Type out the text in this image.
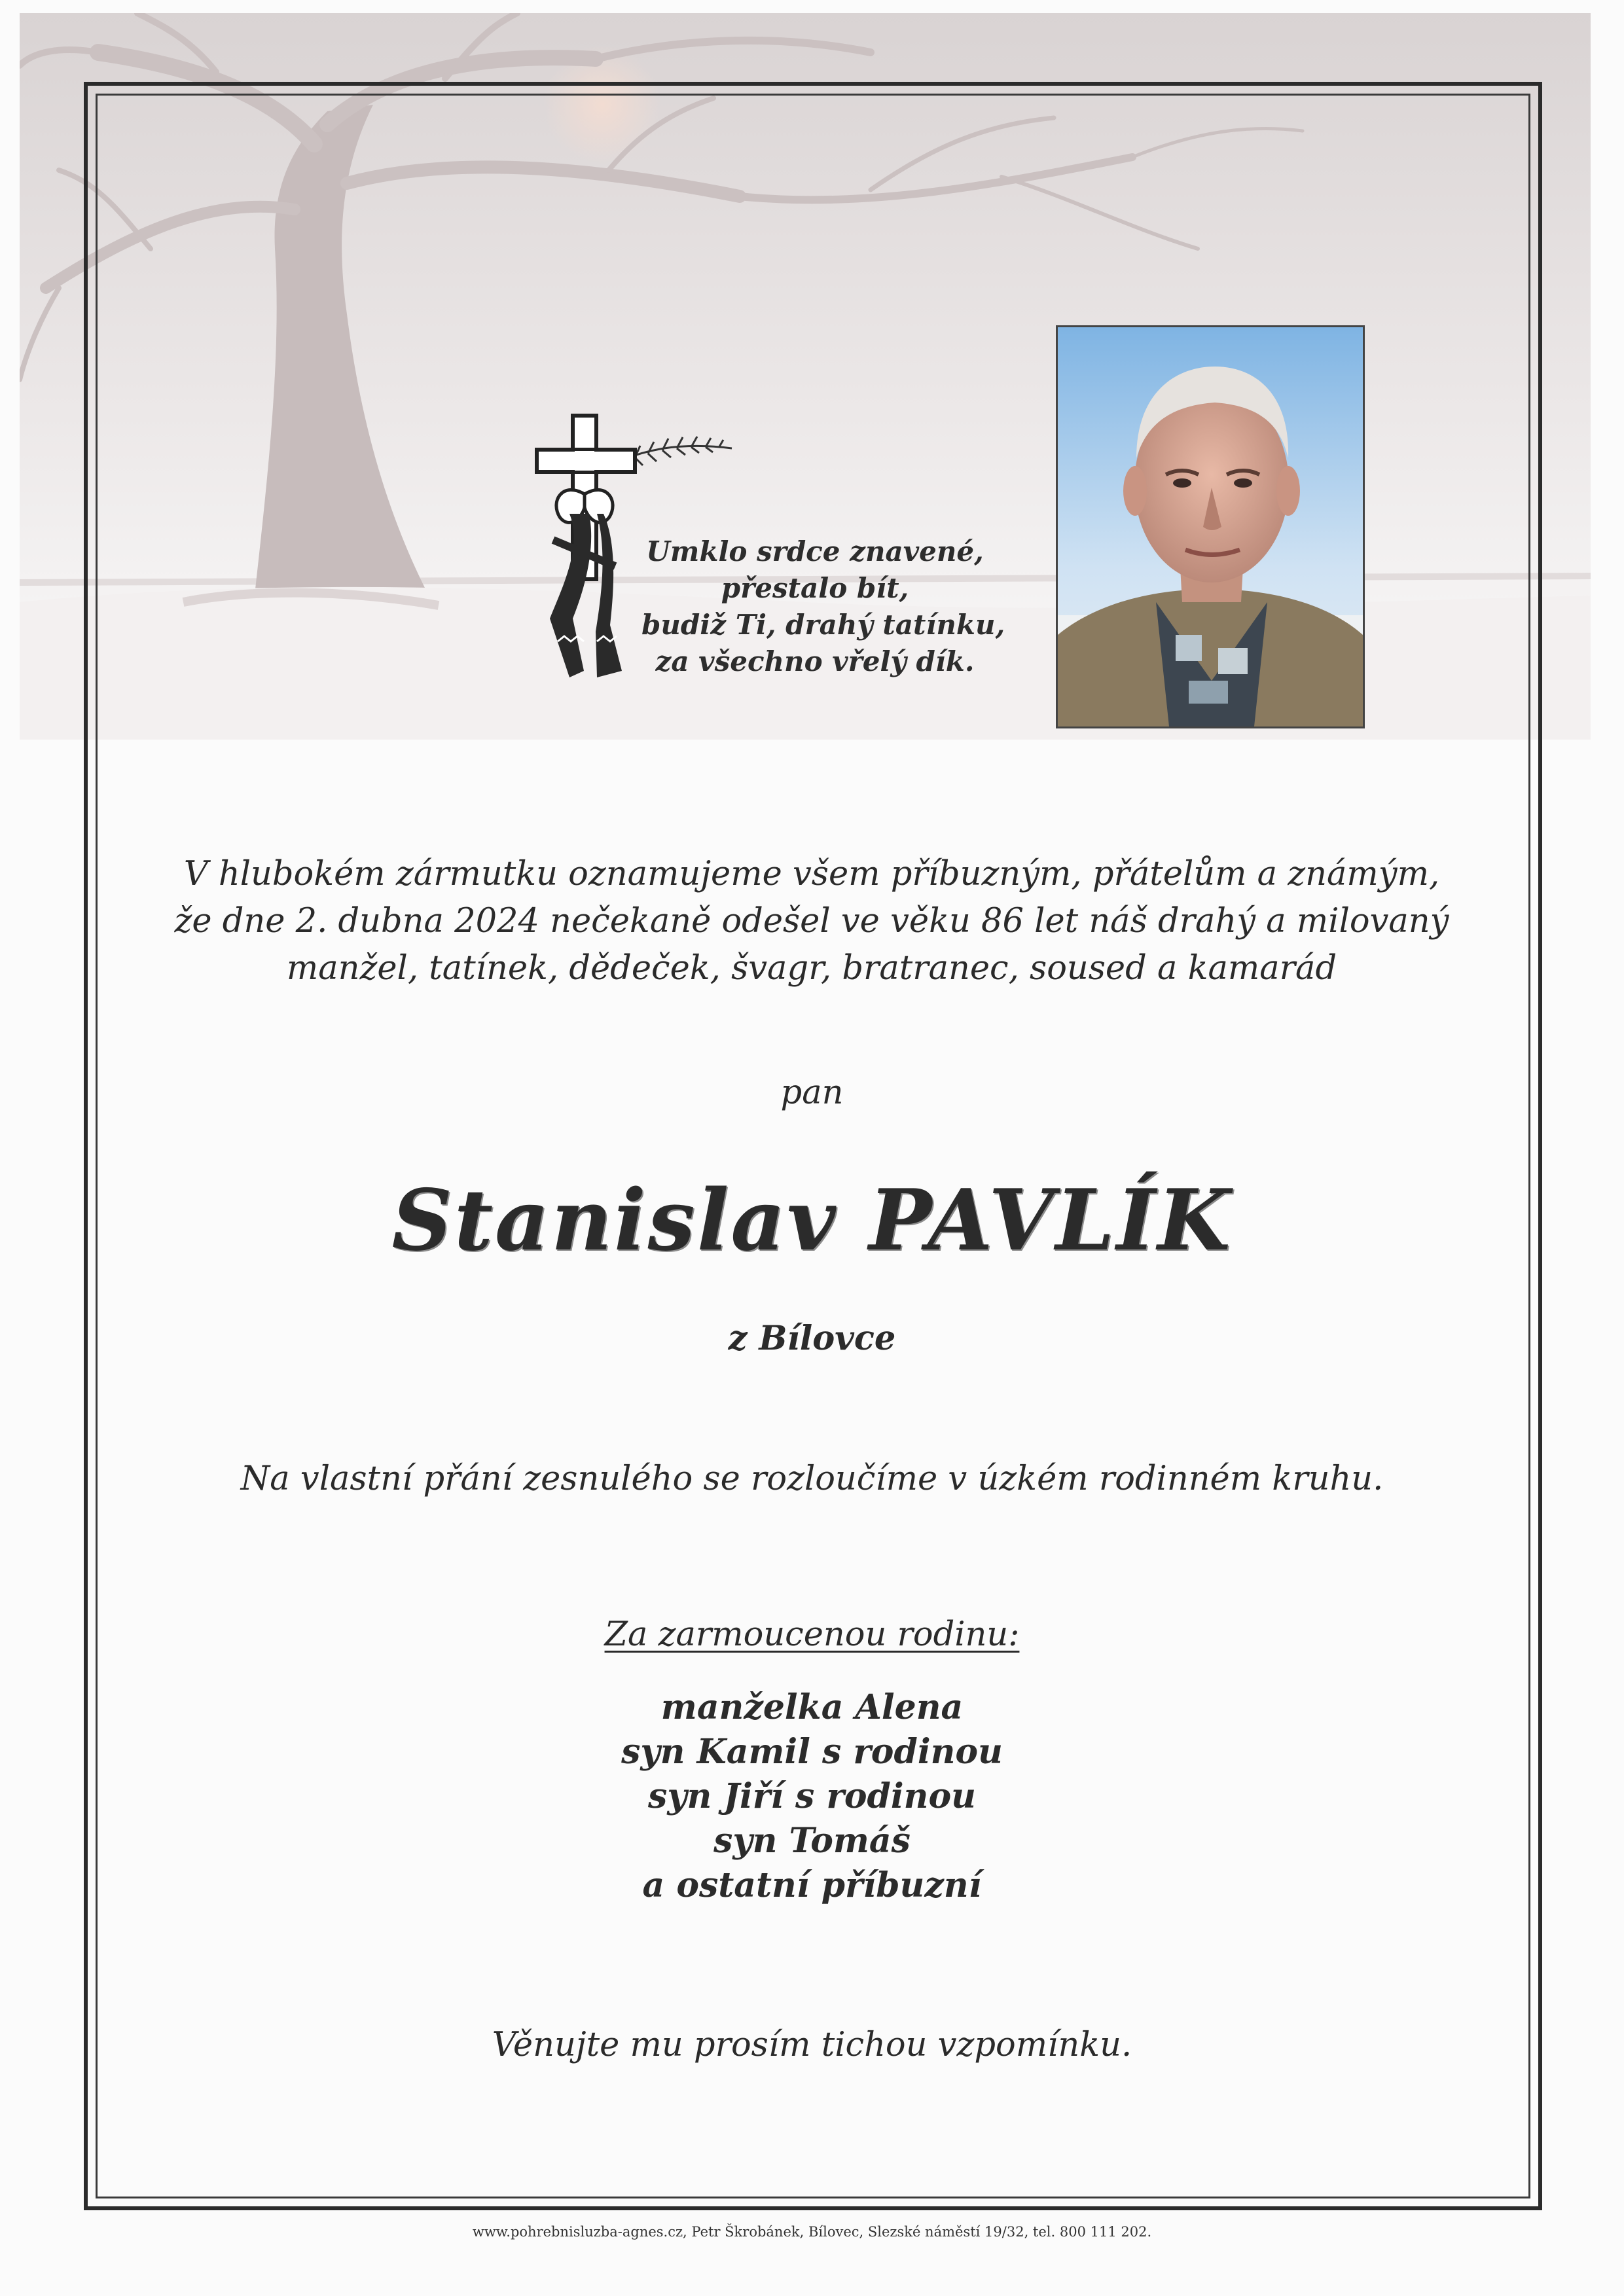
Umklo srdce znavené,
přestalo bít,
budiž Ti, drahý tatínku,
za všechno vřelý dík.
V hlubokém zármutku oznamujeme všem příbuzným, přátelům a známým,
že dne 2. dubna 2024 nečekaně odešel ve věku 86 let náš drahý a milovaný
manžel, tatínek, dědeček, švagr, bratranec, soused a kamarád
pan
Stanislav PAVLÍK
z Bílovce
Na vlastní přání zesnulého se rozloučíme v úzkém rodinném kruhu.
Za zarmoucenou rodinu:
manželka Alena
syn Kamil s rodinou
syn Jiří s rodinou
syn Tomáš
a ostatní příbuzní
Věnujte mu prosím tichou vzpomínku.
www.pohrebnisluzba-agnes.cz, Petr Škrobánek, Bílovec, Slezské náměstí 19/32, tel. 800 111 202.
